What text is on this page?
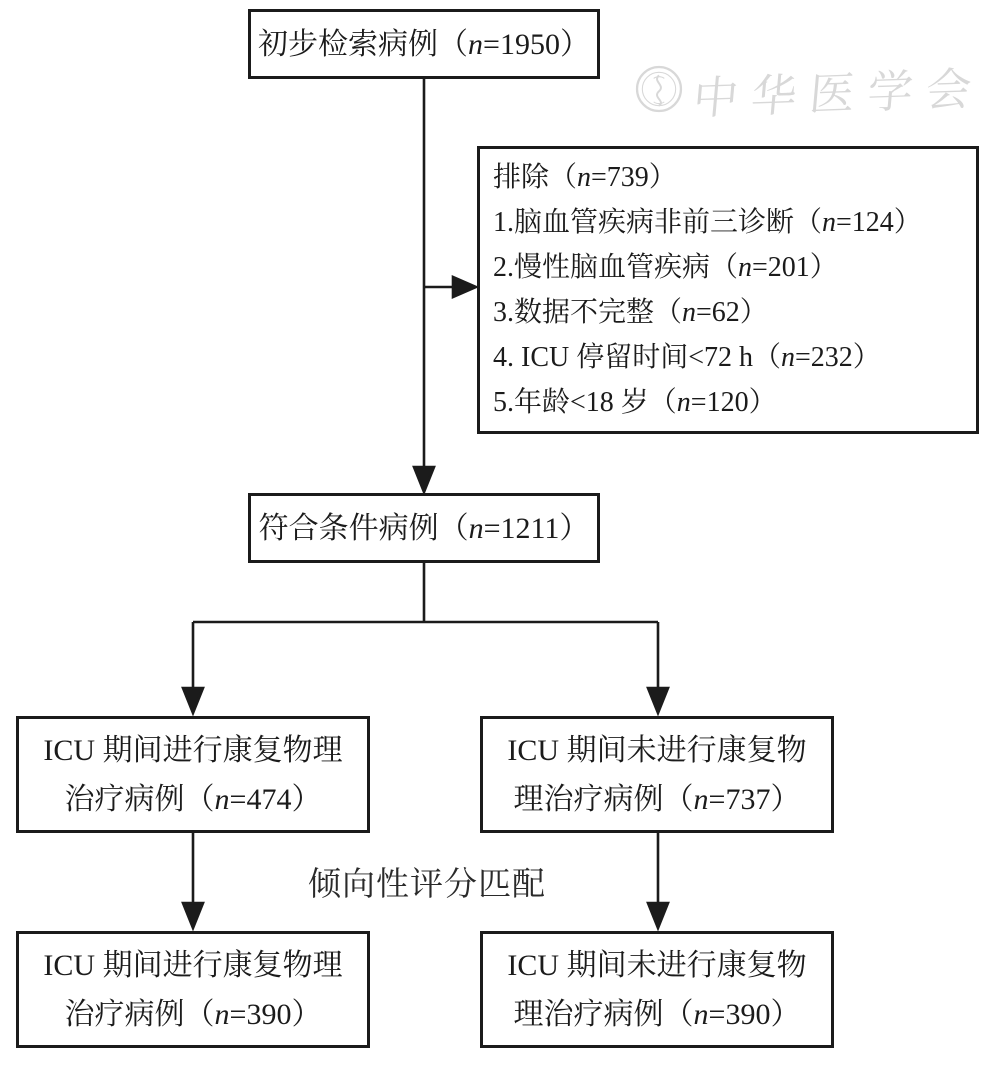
中华医学会
初步检索病例（n=1950）
排除（n=739）
1.脑血管疾病非前三诊断（n=124）
2.慢性脑血管疾病（n=201）
3.数据不完整（n=62）
4. ICU 停留时间<72 h（n=232）
5.年龄<18 岁（n=120）
符合条件病例（n=1211）
ICU 期间进行康复物理
治疗病例（n=474）
ICU 期间未进行康复物
理治疗病例（n=737）
倾向性评分匹配
ICU 期间进行康复物理
治疗病例（n=390）
ICU 期间未进行康复物
理治疗病例（n=390）
